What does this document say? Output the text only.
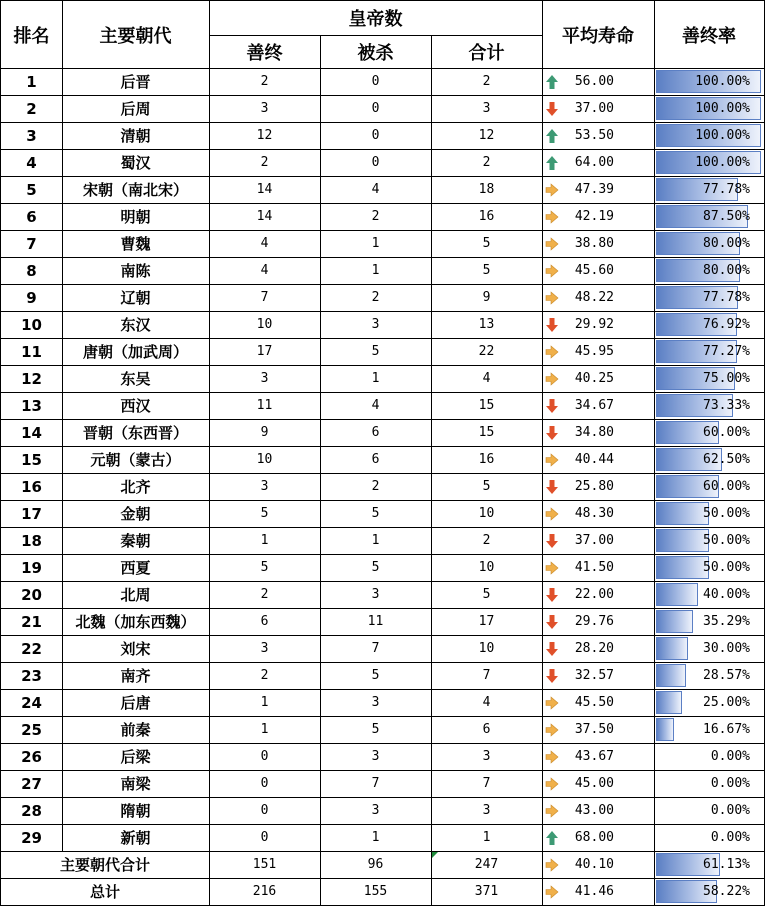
排名	主要朝代
皇帝数
善终	被杀	合计
平均寿命	善终率
1	后晋	2	0	2	56.00	100.00%
2	后周	3	0	3	37.00	100.00%
3	清朝	12	0	12	53.50	100.00%
4	蜀汉	2	0	2	64.00	100.00%
5	宋朝（南北宋）	14	4	18	47.39	77.78%
6	明朝	14	2	16	42.19	87.50%
7	曹魏	4	1	5	38.80	80.00%
8	南陈	4	1	5	45.60	80.00%
9	辽朝	7	2	9	48.22	77.78%
10	东汉	10	3	13	29.92	76.92%
11	唐朝（加武周）	17	5	22	45.95	77.27%
12	东吴	3	1	4	40.25	75.00%
13	西汉	11	4	15	34.67	73.33%
14	晋朝（东西晋）	9	6	15	34.80	60.00%
15	元朝（蒙古）	10	6	16	40.44	62.50%
16	北齐	3	2	5	25.80	60.00%
17	金朝	5	5	10	48.30	50.00%
18	秦朝	1	1	2	37.00	50.00%
19	西夏	5	5	10	41.50	50.00%
20	北周	2	3	5	22.00	40.00%
21	北魏（加东西魏）	6	11	17	29.76	35.29%
22	刘宋	3	7	10	28.20	30.00%
23	南齐	2	5	7	32.57	28.57%
24	后唐	1	3	4	45.50	25.00%
25	前秦	1	5	6	37.50	16.67%
26	后梁	0	3	3	43.67	0.00%
27	南梁	0	7	7	45.00	0.00%
28	隋朝	0	3	3	43.00	0.00%
29	新朝	0	1	1	68.00	0.00%
主要朝代合计	151	96	247	40.10	61.13%
总计	216	155	371	41.46	58.22%
